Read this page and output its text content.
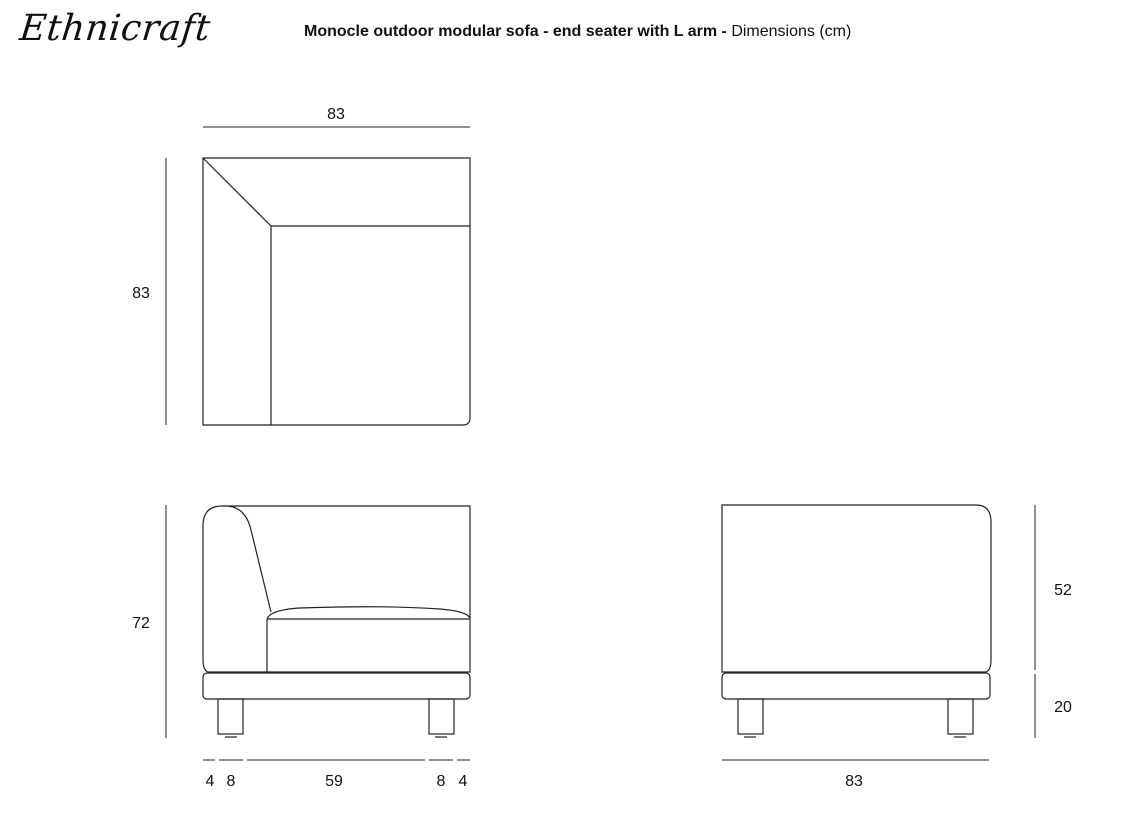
Ethnicraft	Monocle outdoor modular sofa - end seater with L arm - Dimensions (cm)
83
83
72
4 8	59	8 4
52
20
83
